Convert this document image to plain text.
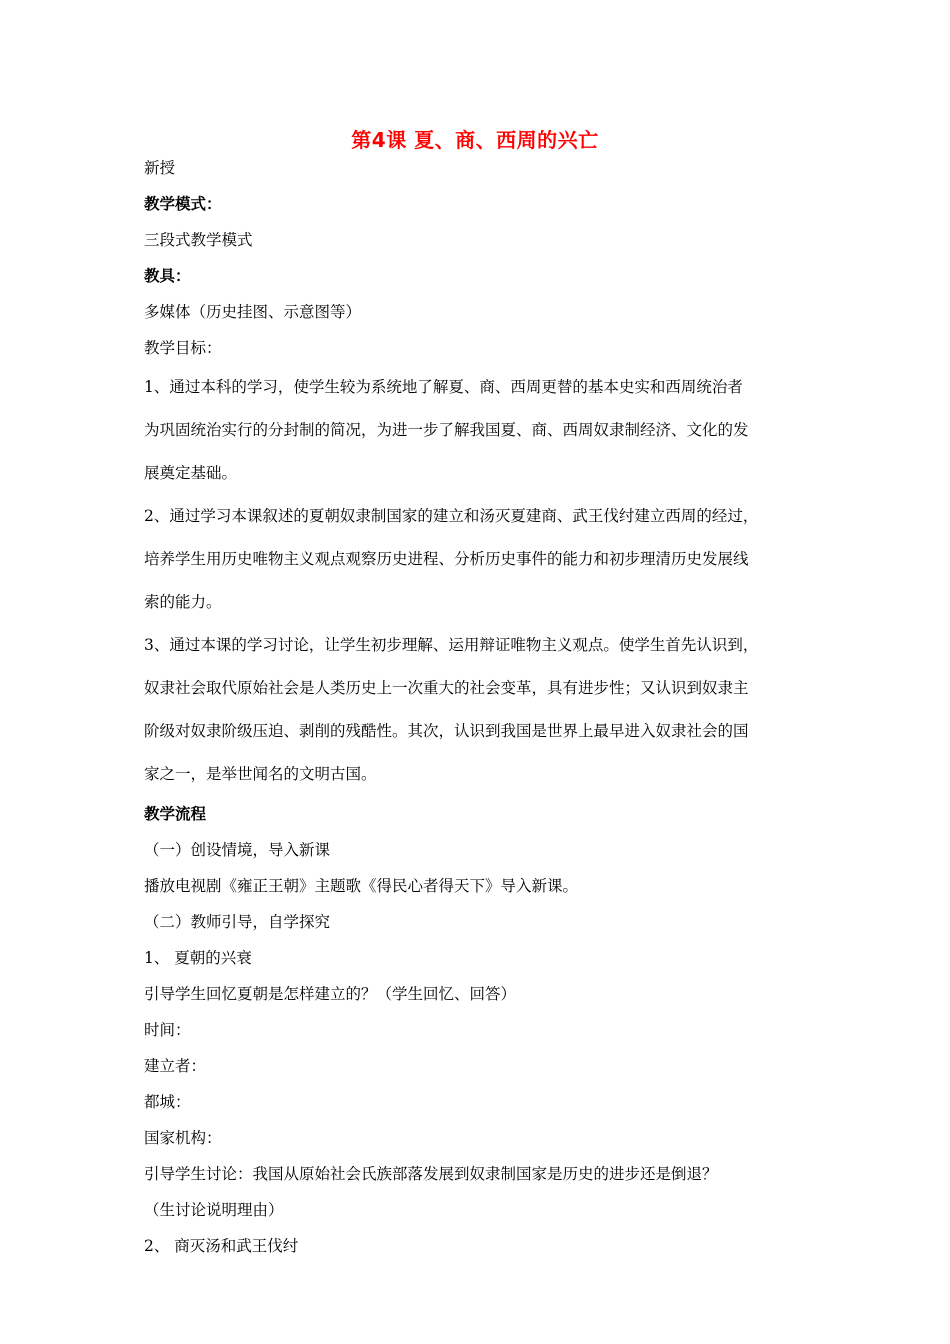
第4课 夏、商、西周的兴亡
新授
教学模式：
三段式教学模式
教具：
多媒体（历史挂图、示意图等）
教学目标：
1、通过本科的学习，使学生较为系统地了解夏、商、西周更替的基本史实和西周统治者
为巩固统治实行的分封制的简况，为进一步了解我国夏、商、西周奴隶制经济、文化的发
展奠定基础。
2、通过学习本课叙述的夏朝奴隶制国家的建立和汤灭夏建商、武王伐纣建立西周的经过，
培养学生用历史唯物主义观点观察历史进程、分析历史事件的能力和初步理清历史发展线
索的能力。
3、通过本课的学习讨论，让学生初步理解、运用辩证唯物主义观点。使学生首先认识到，
奴隶社会取代原始社会是人类历史上一次重大的社会变革，具有进步性；又认识到奴隶主
阶级对奴隶阶级压迫、剥削的残酷性。其次，认识到我国是世界上最早进入奴隶社会的国
家之一，是举世闻名的文明古国。
教学流程
（一）创设情境，导入新课
播放电视剧《雍正王朝》主题歌《得民心者得天下》导入新课。
（二）教师引导，自学探究
1、 夏朝的兴衰
引导学生回忆夏朝是怎样建立的？（学生回忆、回答）
时间：
建立者：
都城：
国家机构：
引导学生讨论：我国从原始社会氏族部落发展到奴隶制国家是历史的进步还是倒退？
（生讨论说明理由）
2、 商灭汤和武王伐纣
